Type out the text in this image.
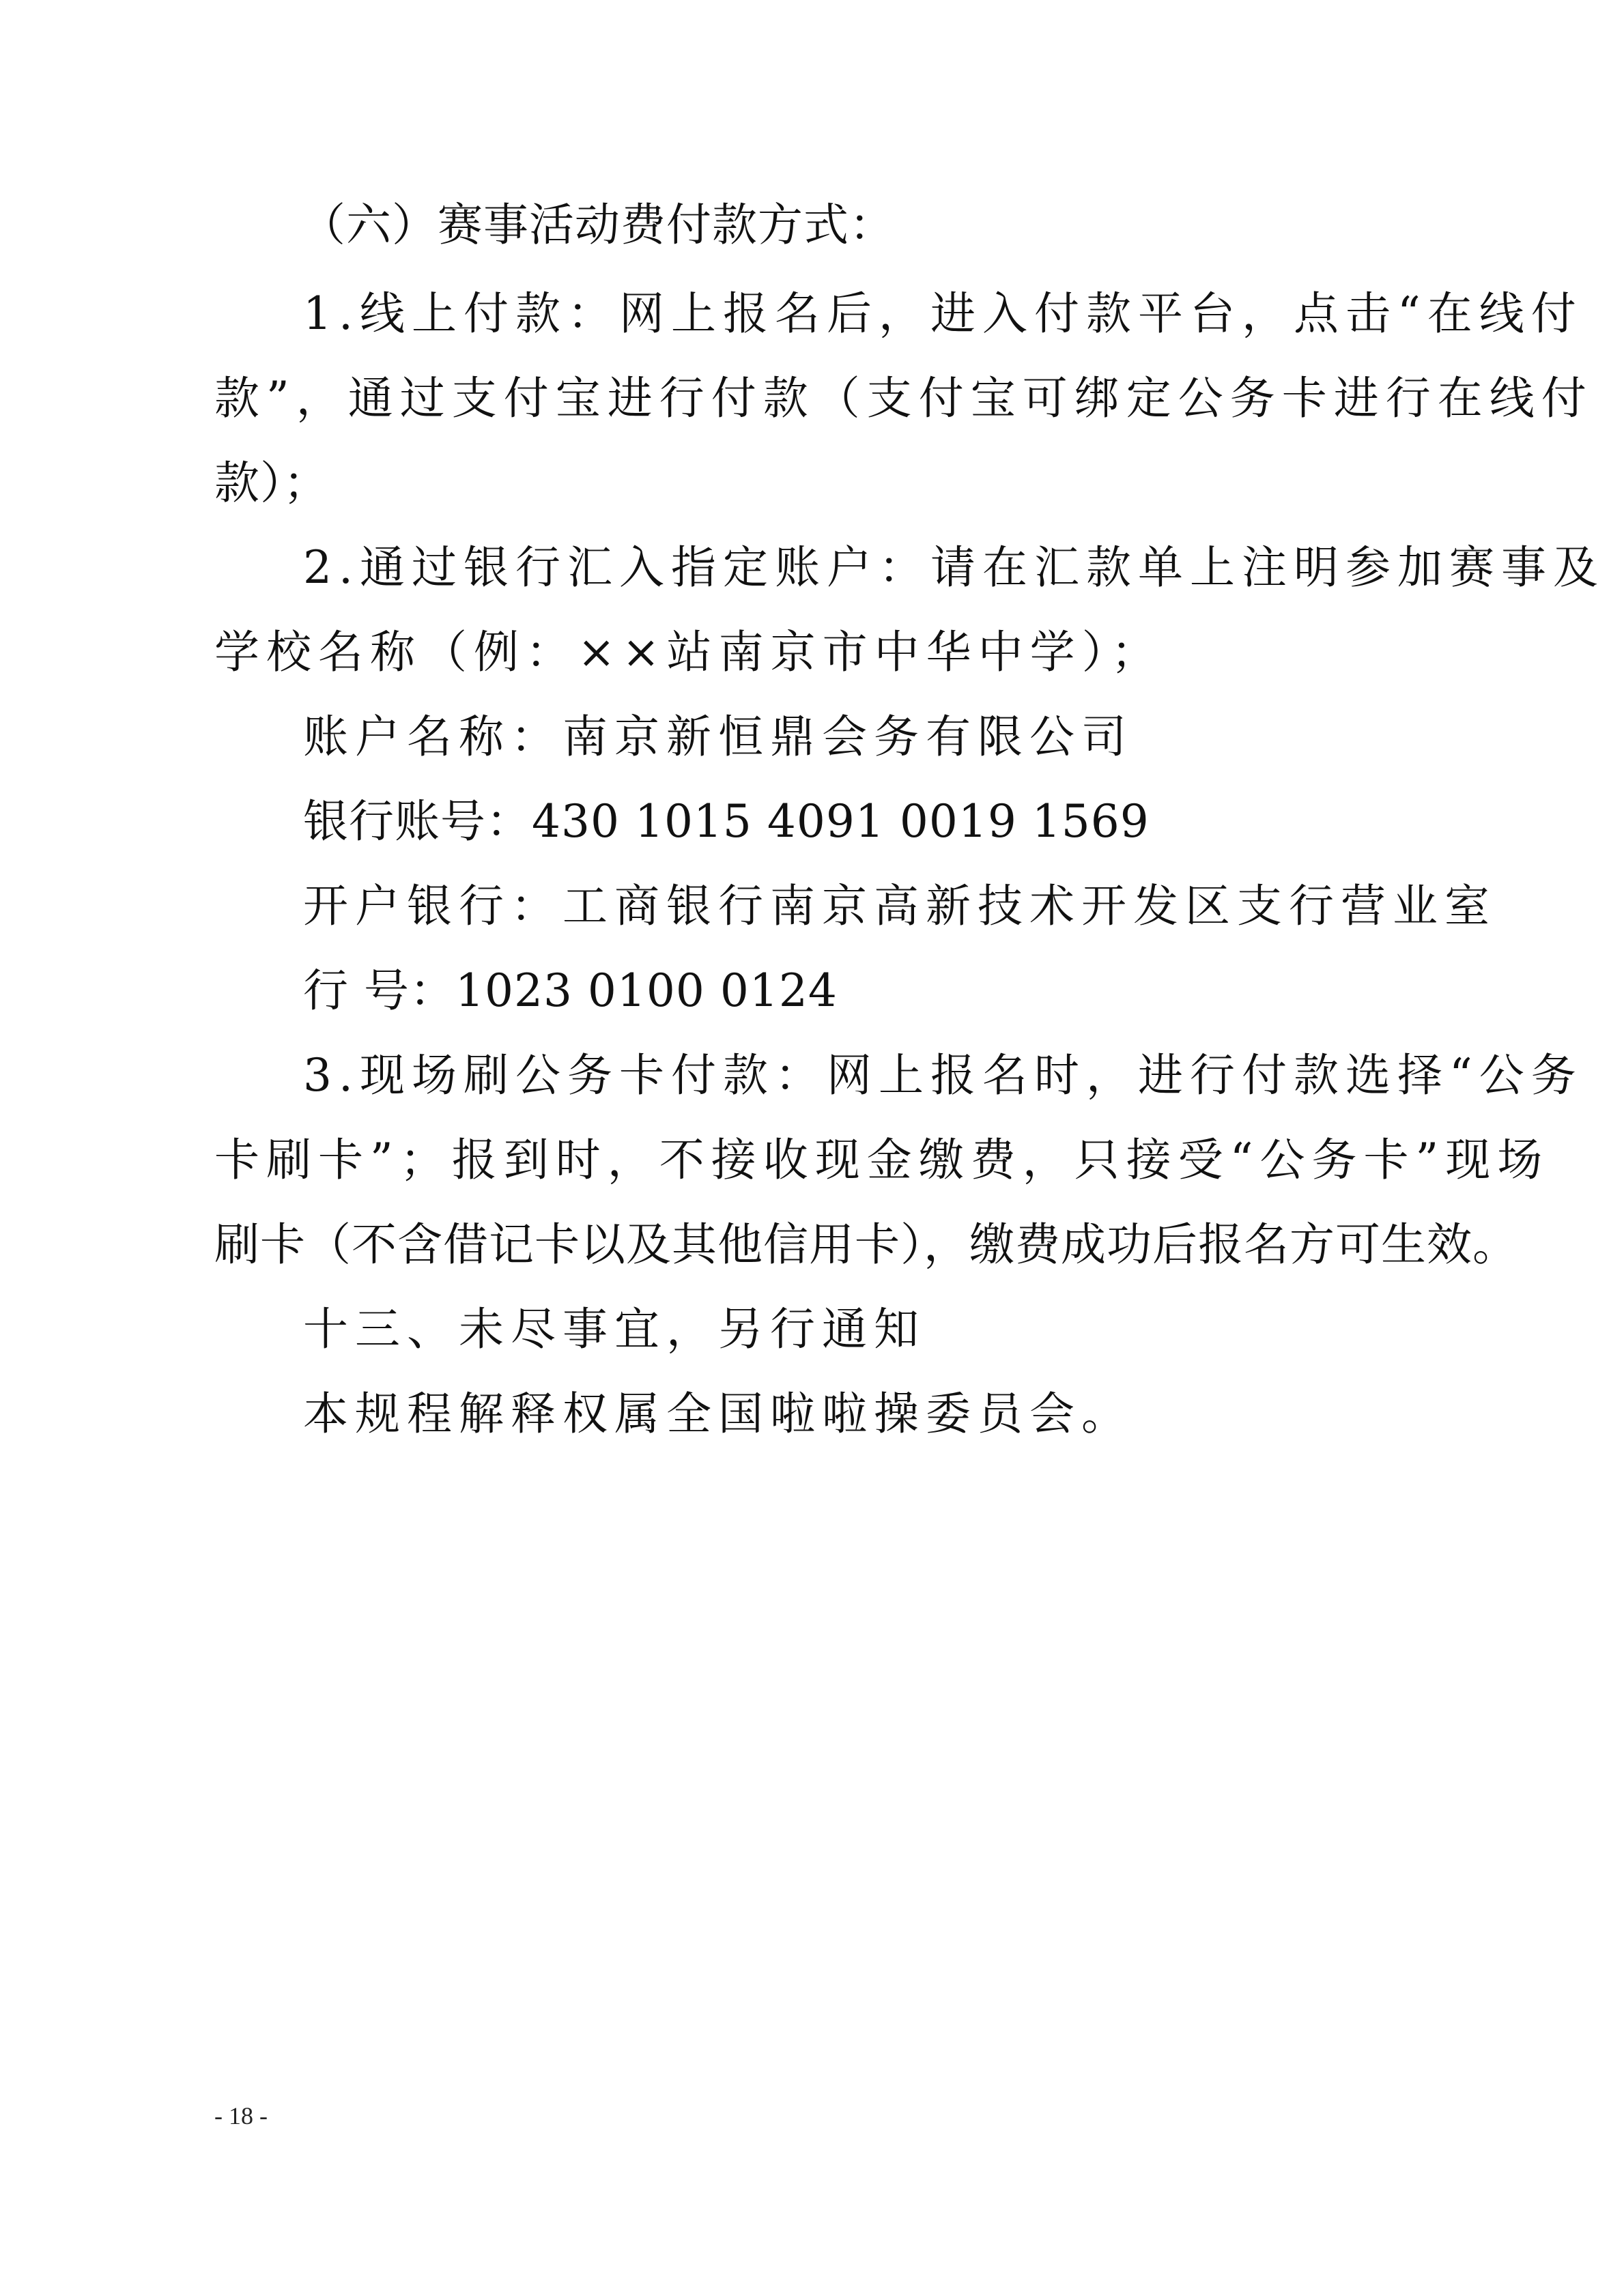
（六）赛事活动费付款方式：
1.线上付款：网上报名后，进入付款平台，点击“在线付
款”，通过支付宝进行付款（支付宝可绑定公务卡进行在线付
款）；
2.通过银行汇入指定账户：请在汇款单上注明参加赛事及
学校名称（例：××站南京市中华中学）；
账户名称：南京新恒鼎会务有限公司
银行账号：430 1015 4091 0019 1569
开户银行：工商银行南京高新技术开发区支行营业室
行 号：1023 0100 0124
3.现场刷公务卡付款：网上报名时，进行付款选择“公务
卡刷卡”；报到时，不接收现金缴费，只接受“公务卡”现场
刷卡（不含借记卡以及其他信用卡），缴费成功后报名方可生效。
十三、未尽事宜，另行通知
本规程解释权属全国啦啦操委员会。
- 18 -
